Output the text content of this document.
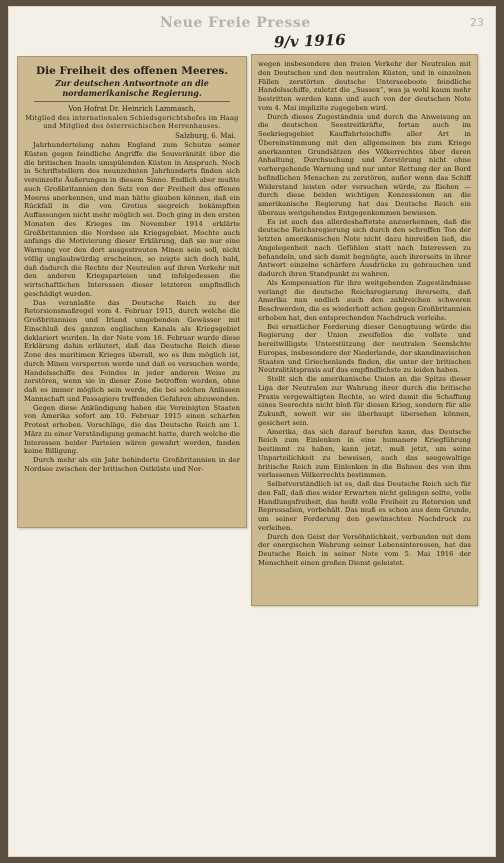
Neue Freie Presse
9/v 1916
23
Die Freiheit des offenen Meeres.
Zur deutschen Antwortnote an die nordamerikanische Regierung.
Von Hofrat Dr. Heinrich Lammasch,
Mitglied des internationalen Schiedsgerichtshofes im Haag und Mitglied des österreichischen Herrenhauses.
Salzburg, 6. Mai.

Jahrhundertelang nahm England zum Schutze seiner Küsten gegen feindliche Angriffe die Souveränität über die die britischen Inseln umspülenden Küsten in Anspruch. Noch in Schriftstellern des neunzehnten Jahrhunderts finden sich vereinzelte Äußerungen in diesem Sinne. Endlich aber mußte auch Großbritannien den Satz von der Freiheit des offenen Meeres anerkennen, und man hätte glauben können, daß ein Rückfall in die von Grotius siegreich bekämpften Auffassungen nicht mehr möglich sei. Doch ging in den ersten Monaten des Krieges im November 1914 erklärte Großbritannien die Nordsee als Kriegsgebiet. Mochte auch anfangs die Motivierung dieser Erklärung, daß sie nur eine Warnung vor den dort ausgestreuten Minen sein soll, nicht völlig unglaubwürdig erscheinen, so zeigte sich doch bald, daß dadurch die Rechte der Neutralen auf ihren Verkehr mit den anderen Kriegsparteien und infolgedessen die wirtschaftlichen Interessen dieser letzteren empfindlich geschädigt wurden.

Das veranlaßte das Deutsche Reich zu der Retorsionsmaßregel vom 4. Februar 1915, durch welche die Großbritannien und Irland umgebenden Gewässer mit Einschluß des ganzen englischen Kanals als Kriegsgebiet deklariert wurden. In der Note vom 16. Februar wurde diese Erklärung dahin erläutert, daß das Deutsche Reich diese Zone des maritimen Krieges überall, wo es ihm möglich ist, durch Minen versperren werde und daß es versuchen werde, Handelsschiffe des Feindes in jeder anderen Weise zu zerstören, wenn sie in dieser Zone betroffen werden, ohne daß es immer möglich sein werde, die bei solchen Anlässen Mannschaft und Passagiere treffenden Gefahren abzuwenden.

Gegen diese Ankündigung haben die Vereinigten Staaten von Amerika sofort am 10. Februar 1915 einen scharfen Protest erhoben. Vorschläge, die das Deutsche Reich am 1. März zu einer Verständigung gemacht hatte, durch welche die Interessen beider Parteien wären gewahrt worden, fanden keine Billigung.

Durch mehr als ein Jahr behinderte Großbritannien in der Nordsee zwischen der britischen Ostküste und Nor-

wegen insbesondere den freien Verkehr der Neutralen mit den Deutschen und den neutralen Küsten, und in einzelnen Fällen zerstörten deutsche Unterseeboote feindliche Handelsschiffe, zuletzt die „Sussex“, was ja wohl kaum mehr bestritten werden kann und auch von der deutschen Note vom 4. Mai implizite zugegeben wird.

Durch dieses Zugeständnis und durch die Anweisung an die deutschen Seestreitkräfte, fortan auch im Seekriegsgebiet Kauffahrteischiffe aller Art in Übereinstimmung mit den allgemeinen bis zum Kriege anerkannten Grundsätzen des Völkerrechtes über deren Anhaltung, Durchsuchung und Zerstörung nicht ohne vorhergehende Warnung und nur unter Rettung der an Bord befindlichen Menschen zu zerstören, außer wenn das Schiff Widerstand leisten oder versuchen würde, zu fliehen — durch diese beiden wichtigen Konzessionen an die amerikanische Regierung hat das Deutsche Reich ein überaus weitgehendes Entgegenkommen bewiesen.

Es ist auch das allerdeshaftetste anzuerkennen, daß die deutsche Reichsregierung sich durch den schroffen Ton der letzten amerikanischen Note nicht dazu hinreißen ließ, die Angelegenheit nach Gefühlen statt nach Interessen zu behandeln, und sich damit begnügte, auch ihrerseits in ihrer Antwort einzelne schärfere Ausdrücke zu gebrauchen und dadurch ihren Standpunkt zu wahren.

Als Kompensation für ihre weitgehenden Zugeständnisse verlangt die deutsche Reichsregierung ihrerseits, daß Amerika nun endlich auch den zahlreichen schweren Beschwerden, die es wiederholt schon gegen Großbritannien erhoben hat, den entsprechenden Nachdruck verleihe.

Bei ernstlicher Forderung dieser Genugtuung würde die Regierung der Union zweifellos die vollste und bereitwilligste Unterstützung der neutralen Seemächte Europas, insbesondere der Niederlande, der skandinavischen Staaten und Griechenlands finden, die unter der britischen Neutralitätspraxis auf das empfindlichste zu leiden haben.

Stellt sich die amerikanische Union an die Spitze dieser Liga der Neutralen zur Wahrung ihrer durch die britische Praxis vergewaltigten Rechte, so wird damit die Schaffung eines Seerechts nicht bloß für diesen Krieg, sondern für alle Zukunft, soweit wir sie überhaupt übersehen können, gesichert sein.

Amerika, das sich darauf berufen kann, das Deutsche Reich zum Einlenken in eine humanere Kriegführung bestimmt zu haben, kann jetzt, muß jetzt, um seine Unparteilichkeit zu beweisen, auch das seegewaltige britische Reich zum Einlenken in die Bahnen des von ihm verlassenen Völkerrechts bestimmen.

Selbstverständlich ist es, daß das Deutsche Reich sich für den Fall, daß dies wider Erwarten nicht gelingen sollte, volle Handlungsfreiheit, das heißt volle Freiheit zu Retorsion und Repressalien, vorbehält. Das muß es schon aus dem Grunde, um seiner Forderung den gewünschten Nachdruck zu verleihen.

Durch den Geist der Versöhnlichkeit, verbunden mit dem der energischen Wahrung seiner Lebensinteressen, hat das Deutsche Reich in seiner Note vom 5. Mai 1916 der Menschheit einen großen Dienst geleistet.
